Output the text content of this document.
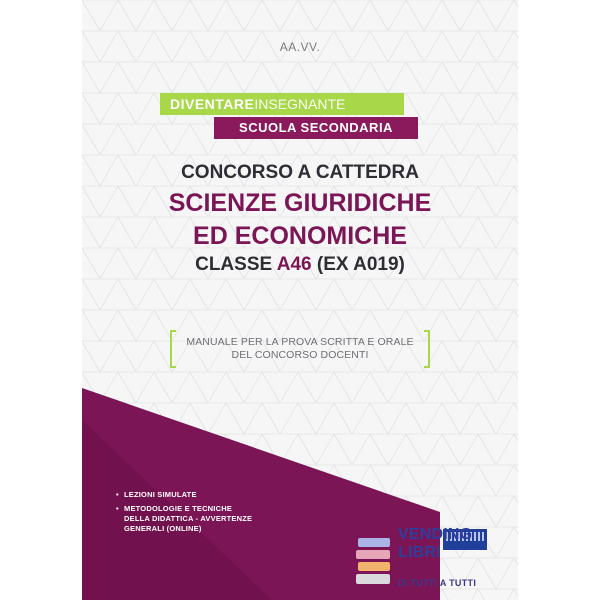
AA.VV.
DIVENTAREINSEGNANTE
SCUOLA SECONDARIA
CONCORSO A CATTEDRA
SCIENZE GIURIDICHE
ED ECONOMICHE
CLASSE A46 (EX A019)
MANUALE PER LA PROVA SCRITTA E ORALE
DEL CONCORSO DOCENTI
• LEZIONI SIMULATE
• METODOLOGIE E TECNICHE
DELLA DIDATTICA - AVVERTENZE
GENERALI (ONLINE)	VENDING
LIBRI
DI TUTTI A TUTTI
